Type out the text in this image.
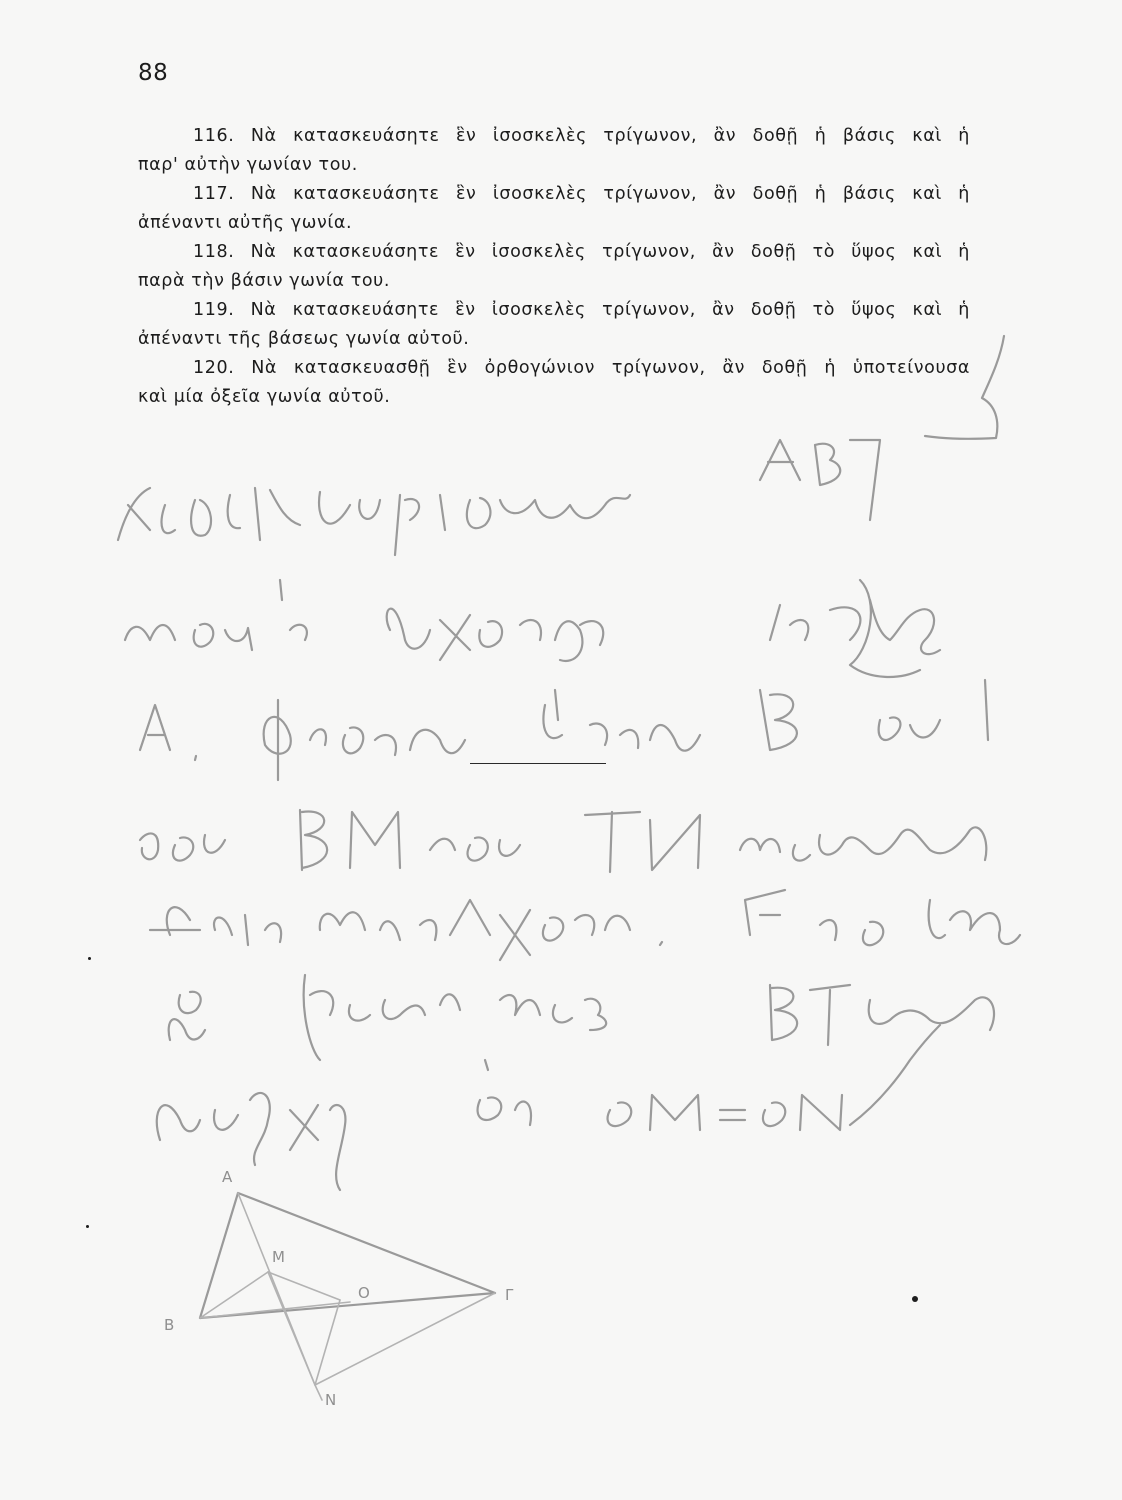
88

116. Νὰ κατασκευάσητε ἓν ἰσοσκελὲς τρίγωνον, ἂν δοθῇ ἡ βάσις καὶ ἡ
παρ' αὐτὴν γωνίαν του.

117. Νὰ κατασκευάσητε ἓν ἰσοσκελὲς τρίγωνον, ἂν δοθῇ ἡ βάσις καὶ ἡ
ἀπέναντι αὐτῆς γωνία.

118. Νὰ κατασκευάσητε ἓν ἰσοσκελὲς τρίγωνον, ἂν δοθῇ τὸ ὕψος καὶ ἡ
παρὰ τὴν βάσιν γωνία του.

119. Νὰ κατασκευάσητε ἓν ἰσοσκελὲς τρίγωνον, ἂν δοθῇ τὸ ὕψος καὶ ἡ
ἀπέναντι τῆς βάσεως γωνία αὐτοῦ.

120. Νὰ κατασκευασθῇ ἓν ὀρθογώνιον τρίγωνον, ἂν δοθῇ ἡ ὑποτείνουσα
καὶ μία ὀξεῖα γωνία αὐτοῦ.

A
B
Γ
M
O
N
